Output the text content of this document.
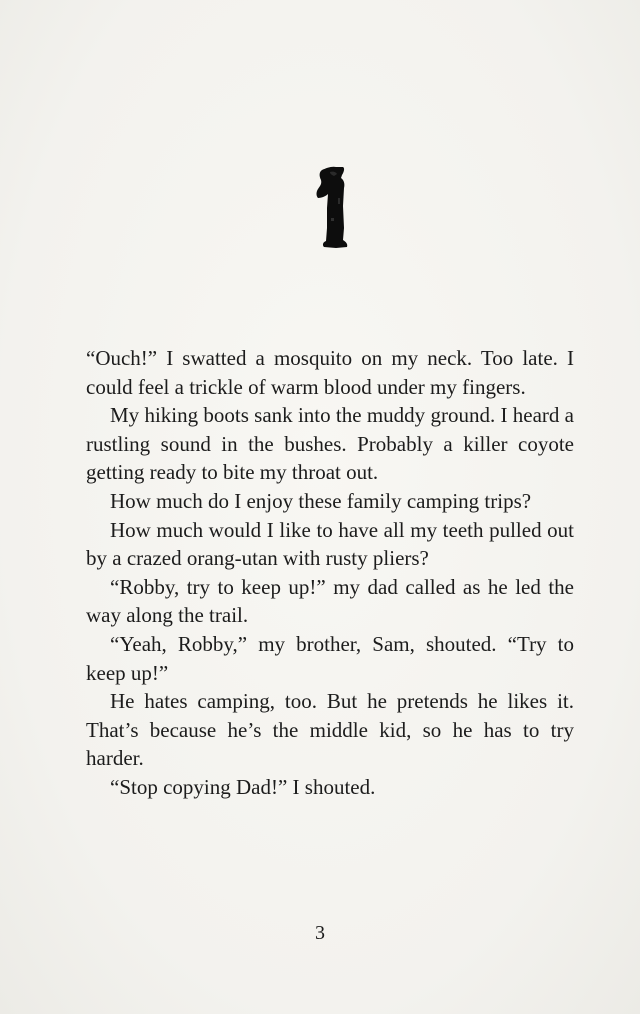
“Ouch!” I swatted a mosquito on my neck. Too late. I could feel a trickle of warm blood under my fingers.

My hiking boots sank into the muddy ground. I heard a rustling sound in the bushes. Probably a killer coyote getting ready to bite my throat out.

How much do I enjoy these family camping trips?

How much would I like to have all my teeth pulled out by a crazed orang-utan with rusty pliers?

“Robby, try to keep up!” my dad called as he led the way along the trail.

“Yeah, Robby,” my brother, Sam, shouted. “Try to keep up!”

He hates camping, too. But he pretends he likes it. That’s because he’s the middle kid, so he has to try harder.

“Stop copying Dad!” I shouted.

3
